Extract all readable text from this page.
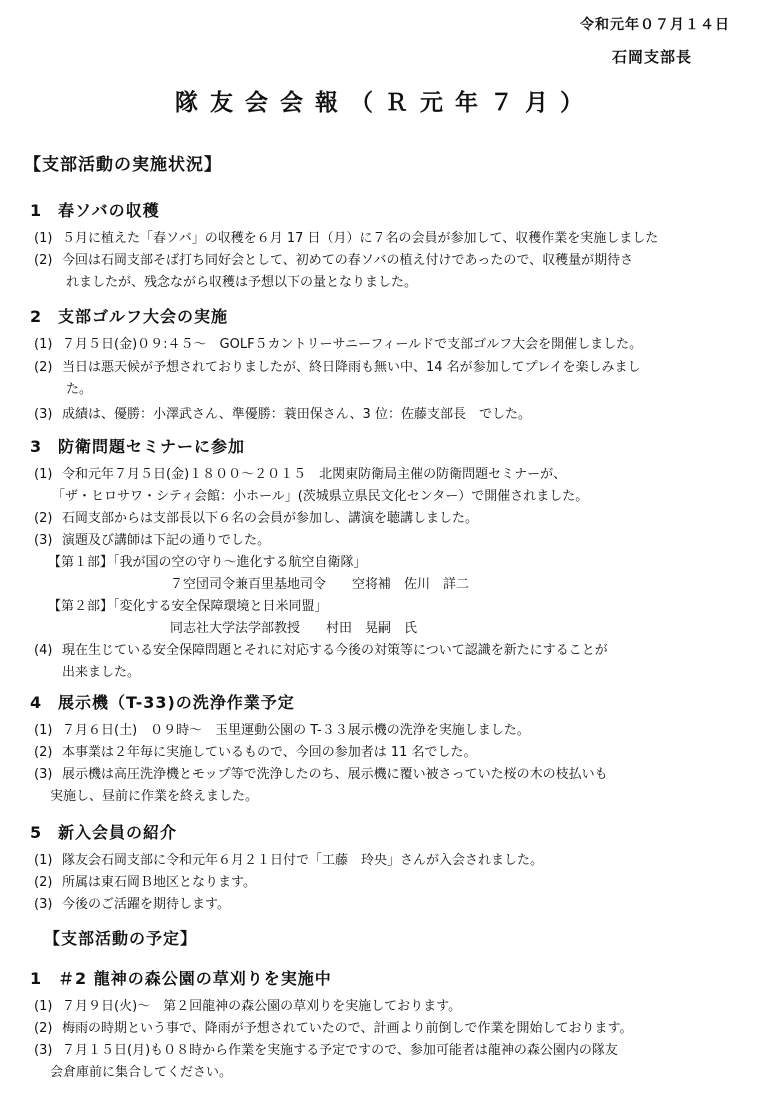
令和元年０７月１４日
石岡支部長
隊友会会報（Ｒ元年７月）
【支部活動の実施状況】
1 春ソバの収穫
(1) ５月に植えた「春ソバ」の収穫を６月 17 日（月）に７名の会員が参加して、収穫作業を実施しました
(2) 今回は石岡支部そば打ち同好会として、初めての春ソバの植え付けであったので、収穫量が期待さ
れましたが、残念ながら収穫は予想以下の量となりました。
2 支部ゴルフ大会の実施
(1) ７月５日(金)０９:４５～　GOLF５カントリーサニーフィールドで支部ゴルフ大会を開催しました。
(2) 当日は悪天候が予想されておりましたが、終日降雨も無い中、14 名が参加してプレイを楽しみまし
た。
(3) 成績は、優勝：小澤武さん、準優勝：蓑田保さん、3 位：佐藤支部長　でした。
3 防衛問題セミナーに参加
(1) 令和元年７月５日(金)１８００～２０１５　北関東防衛局主催の防衛問題セミナーが、
「ザ・ヒロサワ・シティ会館：小ホール」(茨城県立県民文化センター）で開催されました。
(2) 石岡支部からは支部長以下６名の会員が参加し、講演を聴講しました。
(3) 演題及び講師は下記の通りでした。
【第１部】「我が国の空の守り～進化する航空自衛隊」
７空団司令兼百里基地司令　　空将補　佐川　詳二
【第２部】「変化する安全保障環境と日米同盟」
同志社大学法学部教授　　村田　晃嗣　氏
(4) 現在生じている安全保障問題とそれに対応する今後の対策等について認識を新たにすることが
出来ました。
4 展示機（T-33)の洗浄作業予定
(1) ７月６日(土)　０９時～　玉里運動公園の T-３３展示機の洗浄を実施しました。
(2) 本事業は２年毎に実施しているもので、今回の参加者は 11 名でした。
(3) 展示機は高圧洗浄機とモップ等で洗浄したのち、展示機に覆い被さっていた桜の木の枝払いも
実施し、昼前に作業を終えました。
5 新入会員の紹介
(1) 隊友会石岡支部に令和元年６月２１日付で「工藤　玲央」さんが入会されました。
(2) 所属は東石岡Ｂ地区となります。
(3) 今後のご活躍を期待します。
【支部活動の予定】
1 ＃2 龍神の森公園の草刈りを実施中
(1) ７月９日(火)～　第２回龍神の森公園の草刈りを実施しております。
(2) 梅雨の時期という事で、降雨が予想されていたので、計画より前倒しで作業を開始しております。
(3) ７月１５日(月)も０８時から作業を実施する予定ですので、参加可能者は龍神の森公園内の隊友
会倉庫前に集合してください。
